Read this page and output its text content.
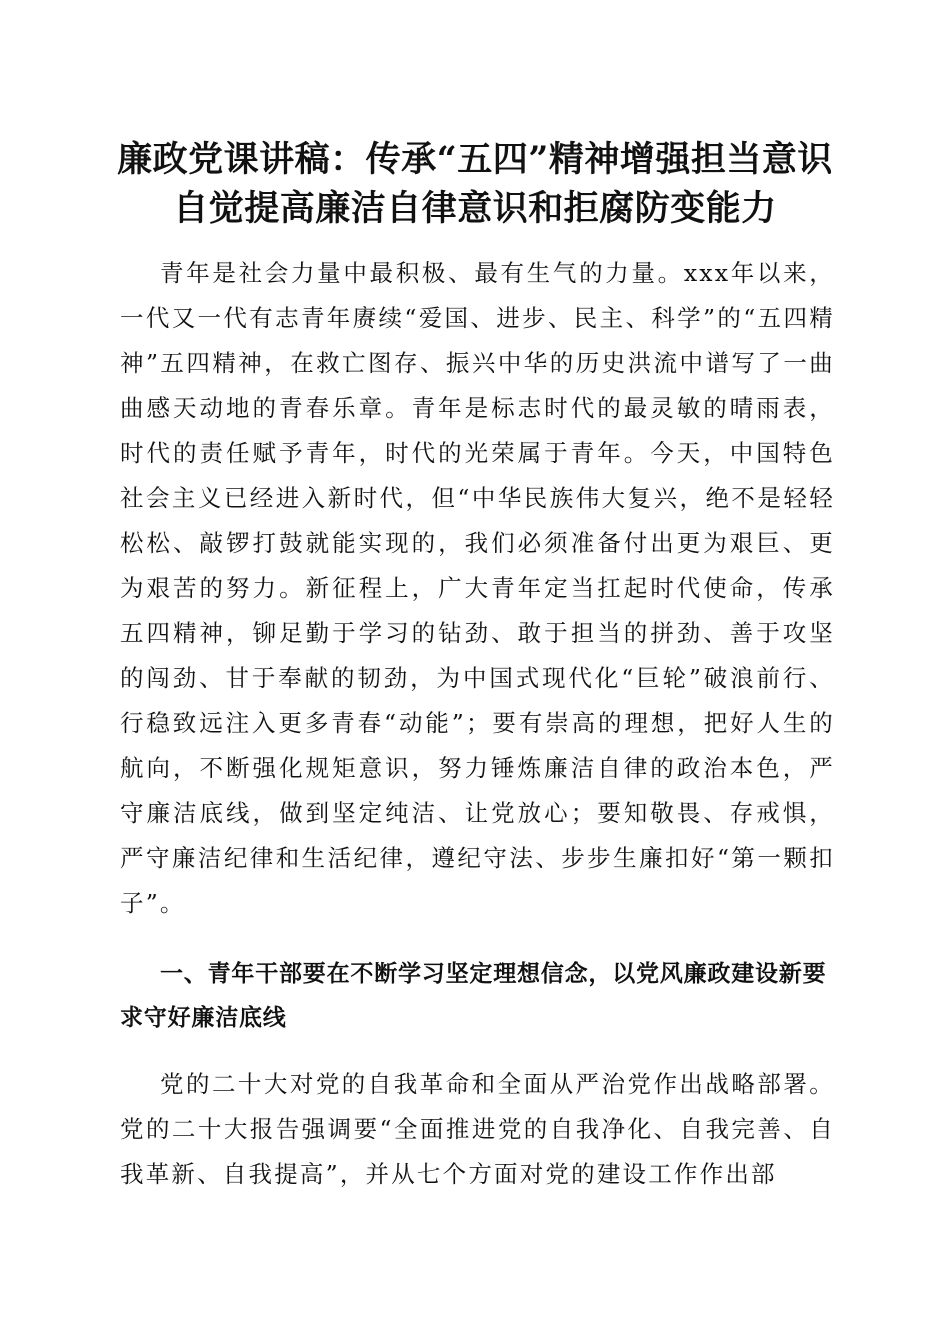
廉政党课讲稿：传承“五四”精神增强担当意识自觉提高廉洁自律意识和拒腐防变能力

青年是社会力量中最积极、最有生气的力量。xxx年以来，一代又一代有志青年赓续“爱国、进步、民主、科学”的“五四精神”五四精神，在救亡图存、振兴中华的历史洪流中谱写了一曲曲感天动地的青春乐章。青年是标志时代的最灵敏的晴雨表，时代的责任赋予青年，时代的光荣属于青年。今天，中国特色社会主义已经进入新时代，但“中华民族伟大复兴，绝不是轻轻松松、敲锣打鼓就能实现的，我们必须准备付出更为艰巨、更为艰苦的努力。新征程上，广大青年定当扛起时代使命，传承五四精神，铆足勤于学习的钻劲、敢于担当的拼劲、善于攻坚的闯劲、甘于奉献的韧劲，为中国式现代化“巨轮”破浪前行、行稳致远注入更多青春“动能”；要有崇高的理想，把好人生的航向，不断强化规矩意识，努力锤炼廉洁自律的政治本色，严守廉洁底线，做到坚定纯洁、让党放心；要知敬畏、存戒惧，严守廉洁纪律和生活纪律，遵纪守法、步步生廉扣好“第一颗扣子”。

一、青年干部要在不断学习坚定理想信念，以党风廉政建设新要求守好廉洁底线

党的二十大对党的自我革命和全面从严治党作出战略部署。党的二十大报告强调要“全面推进党的自我净化、自我完善、自我革新、自我提高”，并从七个方面对党的建设工作作出部
